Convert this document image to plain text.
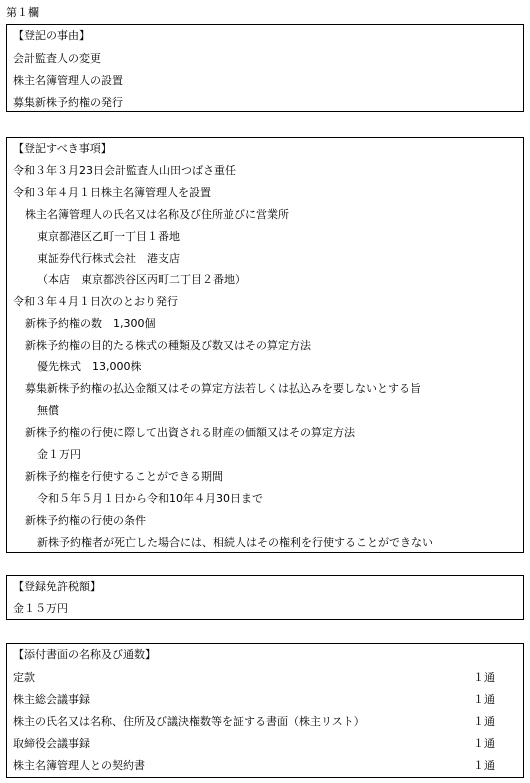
第１欄
【登記の事由】
会計監査人の変更
株主名簿管理人の設置
募集新株予約権の発行
【登記すべき事項】
令和３年３月23日会計監査人山田つばさ重任
令和３年４月１日株主名簿管理人を設置
株主名簿管理人の氏名又は名称及び住所並びに営業所
東京都港区乙町一丁目１番地
東証券代行株式会社　港支店
（本店　東京都渋谷区丙町二丁目２番地）
令和３年４月１日次のとおり発行
新株予約権の数　1,300個
新株予約権の目的たる株式の種類及び数又はその算定方法
優先株式　13,000株
募集新株予約権の払込金額又はその算定方法若しくは払込みを要しないとする旨
無償
新株予約権の行使に際して出資される財産の価額又はその算定方法
金１万円
新株予約権を行使することができる期間
令和５年５月１日から令和10年４月30日まで
新株予約権の行使の条件
新株予約権者が死亡した場合には、相続人はその権利を行使することができない
【登録免許税額】
金１５万円
【添付書面の名称及び通数】
定款	１通
株主総会議事録	１通
株主の氏名又は名称、住所及び議決権数等を証する書面（株主リスト）	１通
取締役会議事録	１通
株主名簿管理人との契約書	１通
